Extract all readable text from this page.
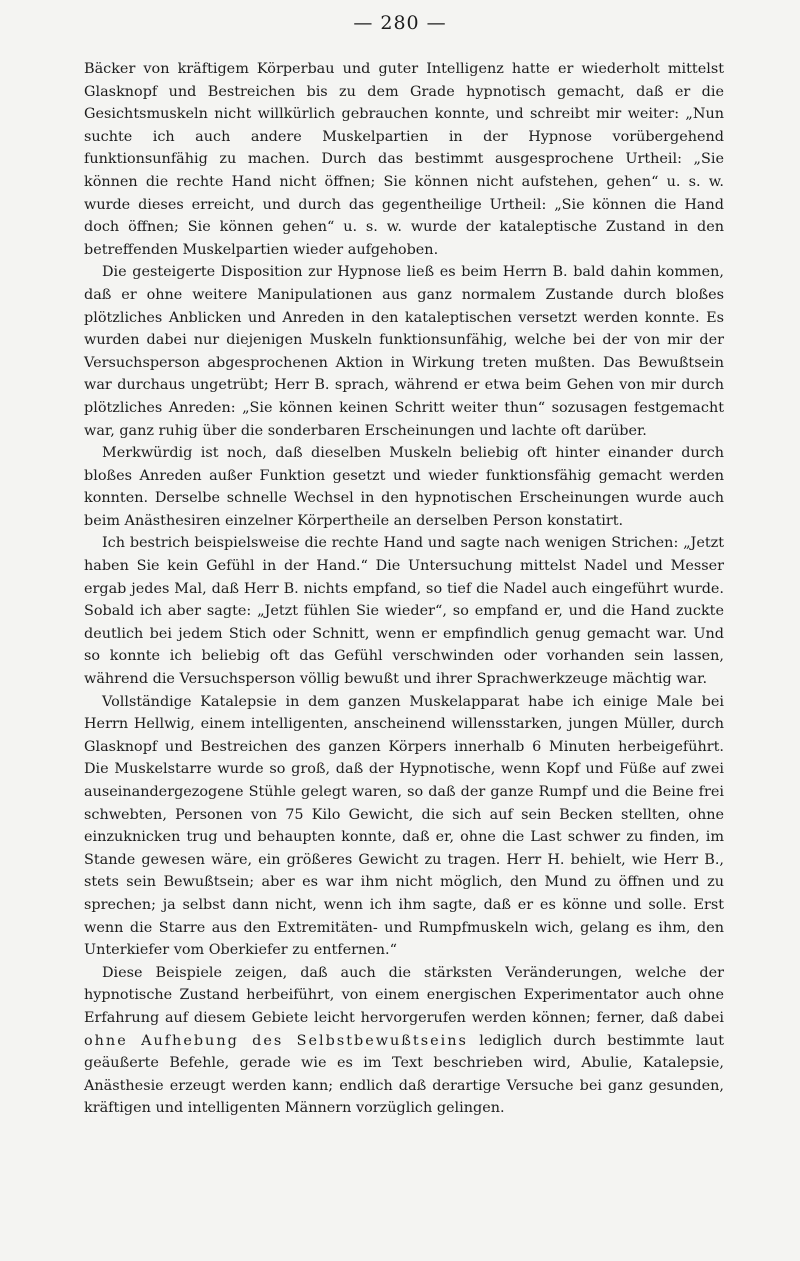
— 280 —

Bäcker von kräftigem Körperbau und guter Intelligenz hatte er wiederholt mittelst Glasknopf und Bestreichen bis zu dem Grade hypnotisch gemacht, daß er die Gesichtsmuskeln nicht willkürlich gebrauchen konnte, und schreibt mir weiter: „Nun suchte ich auch andere Muskelpartien in der Hypnose vorübergehend funktionsunfähig zu machen. Durch das bestimmt ausgesprochene Urtheil: „Sie können die rechte Hand nicht öffnen; Sie können nicht aufstehen, gehen“ u. s. w. wurde dieses erreicht, und durch das gegentheilige Urtheil: „Sie können die Hand doch öffnen; Sie können gehen“ u. s. w. wurde der kataleptische Zustand in den betreffenden Muskelpartien wieder aufgehoben.

Die gesteigerte Disposition zur Hypnose ließ es beim Herrn B. bald dahin kommen, daß er ohne weitere Manipulationen aus ganz normalem Zustande durch bloßes plötzliches Anblicken und Anreden in den kataleptischen versetzt werden konnte. Es wurden dabei nur diejenigen Muskeln funktionsunfähig, welche bei der von mir der Versuchsperson abgesprochenen Aktion in Wirkung treten mußten. Das Bewußtsein war durchaus ungetrübt; Herr B. sprach, während er etwa beim Gehen von mir durch plötzliches Anreden: „Sie können keinen Schritt weiter thun“ sozusagen festgemacht war, ganz ruhig über die sonderbaren Erscheinungen und lachte oft darüber.

Merkwürdig ist noch, daß dieselben Muskeln beliebig oft hinter einander durch bloßes Anreden außer Funktion gesetzt und wieder funktionsfähig gemacht werden konnten. Derselbe schnelle Wechsel in den hypnotischen Erscheinungen wurde auch beim Anästhesiren einzelner Körpertheile an derselben Person konstatirt.

Ich bestrich beispielsweise die rechte Hand und sagte nach wenigen Strichen: „Jetzt haben Sie kein Gefühl in der Hand.“ Die Untersuchung mittelst Nadel und Messer ergab jedes Mal, daß Herr B. nichts empfand, so tief die Nadel auch eingeführt wurde. Sobald ich aber sagte: „Jetzt fühlen Sie wieder“, so empfand er, und die Hand zuckte deutlich bei jedem Stich oder Schnitt, wenn er empfindlich genug gemacht war. Und so konnte ich beliebig oft das Gefühl verschwinden oder vorhanden sein lassen, während die Versuchsperson völlig bewußt und ihrer Sprachwerkzeuge mächtig war.

Vollständige Katalepsie in dem ganzen Muskelapparat habe ich einige Male bei Herrn Hellwig, einem intelligenten, anscheinend willensstarken, jungen Müller, durch Glasknopf und Bestreichen des ganzen Körpers innerhalb 6 Minuten herbeigeführt. Die Muskelstarre wurde so groß, daß der Hypnotische, wenn Kopf und Füße auf zwei auseinandergezogene Stühle gelegt waren, so daß der ganze Rumpf und die Beine frei schwebten, Personen von 75 Kilo Gewicht, die sich auf sein Becken stellten, ohne einzuknicken trug und behaupten konnte, daß er, ohne die Last schwer zu finden, im Stande gewesen wäre, ein größeres Gewicht zu tragen. Herr H. behielt, wie Herr B., stets sein Bewußtsein; aber es war ihm nicht möglich, den Mund zu öffnen und zu sprechen; ja selbst dann nicht, wenn ich ihm sagte, daß er es könne und solle. Erst wenn die Starre aus den Extremitäten- und Rumpfmuskeln wich, gelang es ihm, den Unterkiefer vom Oberkiefer zu entfernen.“

Diese Beispiele zeigen, daß auch die stärksten Veränderungen, welche der hypnotische Zustand herbeiführt, von einem energischen Experimentator auch ohne Erfahrung auf diesem Gebiete leicht hervorgerufen werden können; ferner, daß dabei ohne Aufhebung des Selbstbewußtseins lediglich durch bestimmte laut geäußerte Befehle, gerade wie es im Text beschrieben wird, Abulie, Katalepsie, Anästhesie erzeugt werden kann; endlich daß derartige Versuche bei ganz gesunden, kräftigen und intelligenten Männern vorzüglich gelingen.
